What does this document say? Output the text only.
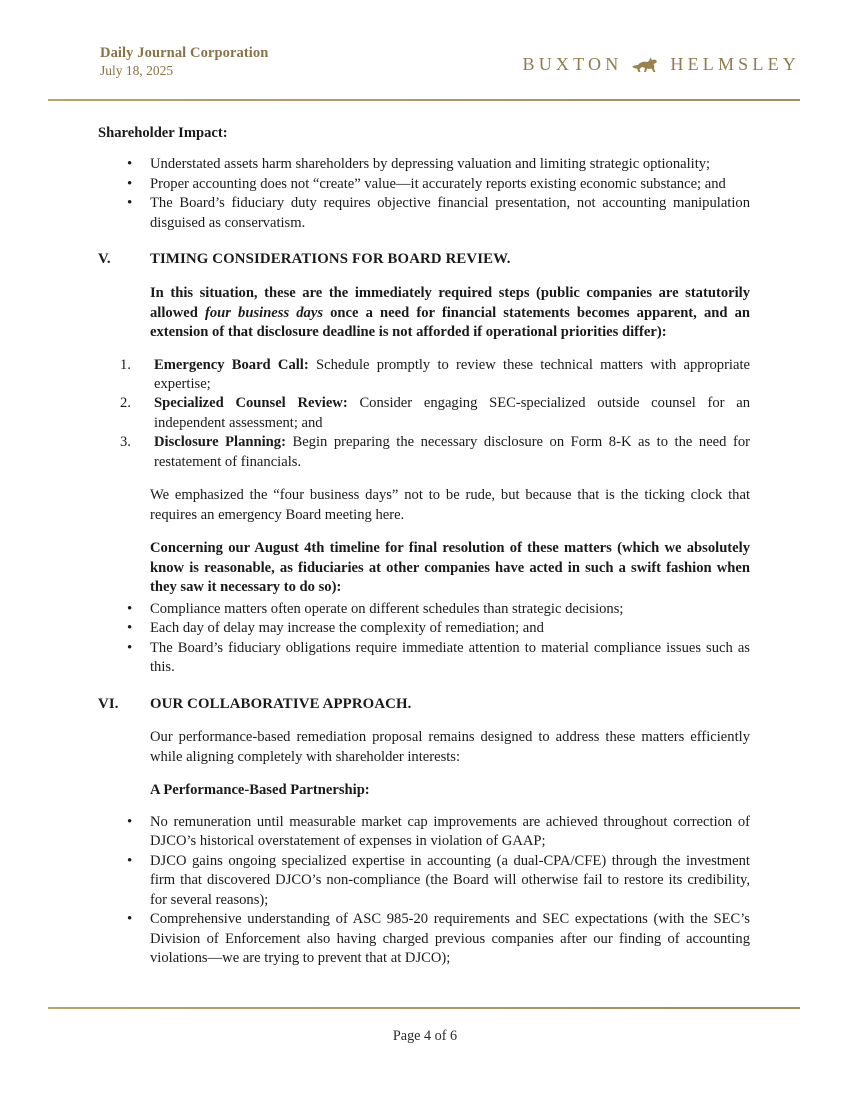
Daily Journal Corporation
July 18, 2025	BUXTON	HELMSLEY

Shareholder Impact:

• Understated assets harm shareholders by depressing valuation and limiting strategic optionality;
• Proper accounting does not “create” value—it accurately reports existing economic substance; and
• The Board’s fiduciary duty requires objective financial presentation, not accounting manipulation disguised as conservatism.
V.	TIMING CONSIDERATIONS FOR BOARD REVIEW.

In this situation, these are the immediately required steps (public companies are statutorily allowed four business days once a need for financial statements becomes apparent, and an extension of that disclosure deadline is not afforded if operational priorities differ):

Emergency Board Call: Schedule promptly to review these technical matters with appropriate expertise;
Specialized Counsel Review: Consider engaging SEC-specialized outside counsel for an independent assessment; and
Disclosure Planning: Begin preparing the necessary disclosure on Form 8-K as to the need for restatement of financials.

We emphasized the “four business days” not to be rude, but because that is the ticking clock that requires an emergency Board meeting here.

Concerning our August 4th timeline for final resolution of these matters (which we absolutely know is reasonable, as fiduciaries at other companies have acted in such a swift fashion when they saw it necessary to do so):

• Compliance matters often operate on different schedules than strategic decisions;
• Each day of delay may increase the complexity of remediation; and
• The Board’s fiduciary obligations require immediate attention to material compliance issues such as this.
VI. OUR COLLABORATIVE APPROACH.

Our performance-based remediation proposal remains designed to address these matters efficiently while aligning completely with shareholder interests:

A Performance-Based Partnership:

• No remuneration until measurable market cap improvements are achieved throughout correction of DJCO’s historical overstatement of expenses in violation of GAAP;
• DJCO gains ongoing specialized expertise in accounting (a dual-CPA/CFE) through the investment firm that discovered DJCO’s non-compliance (the Board will otherwise fail to restore its credibility, for several reasons);
• Comprehensive understanding of ASC 985-20 requirements and SEC expectations (with the SEC’s Division of Enforcement also having charged previous companies after our finding of accounting violations—we are trying to prevent that at DJCO);
Page 4 of 6
